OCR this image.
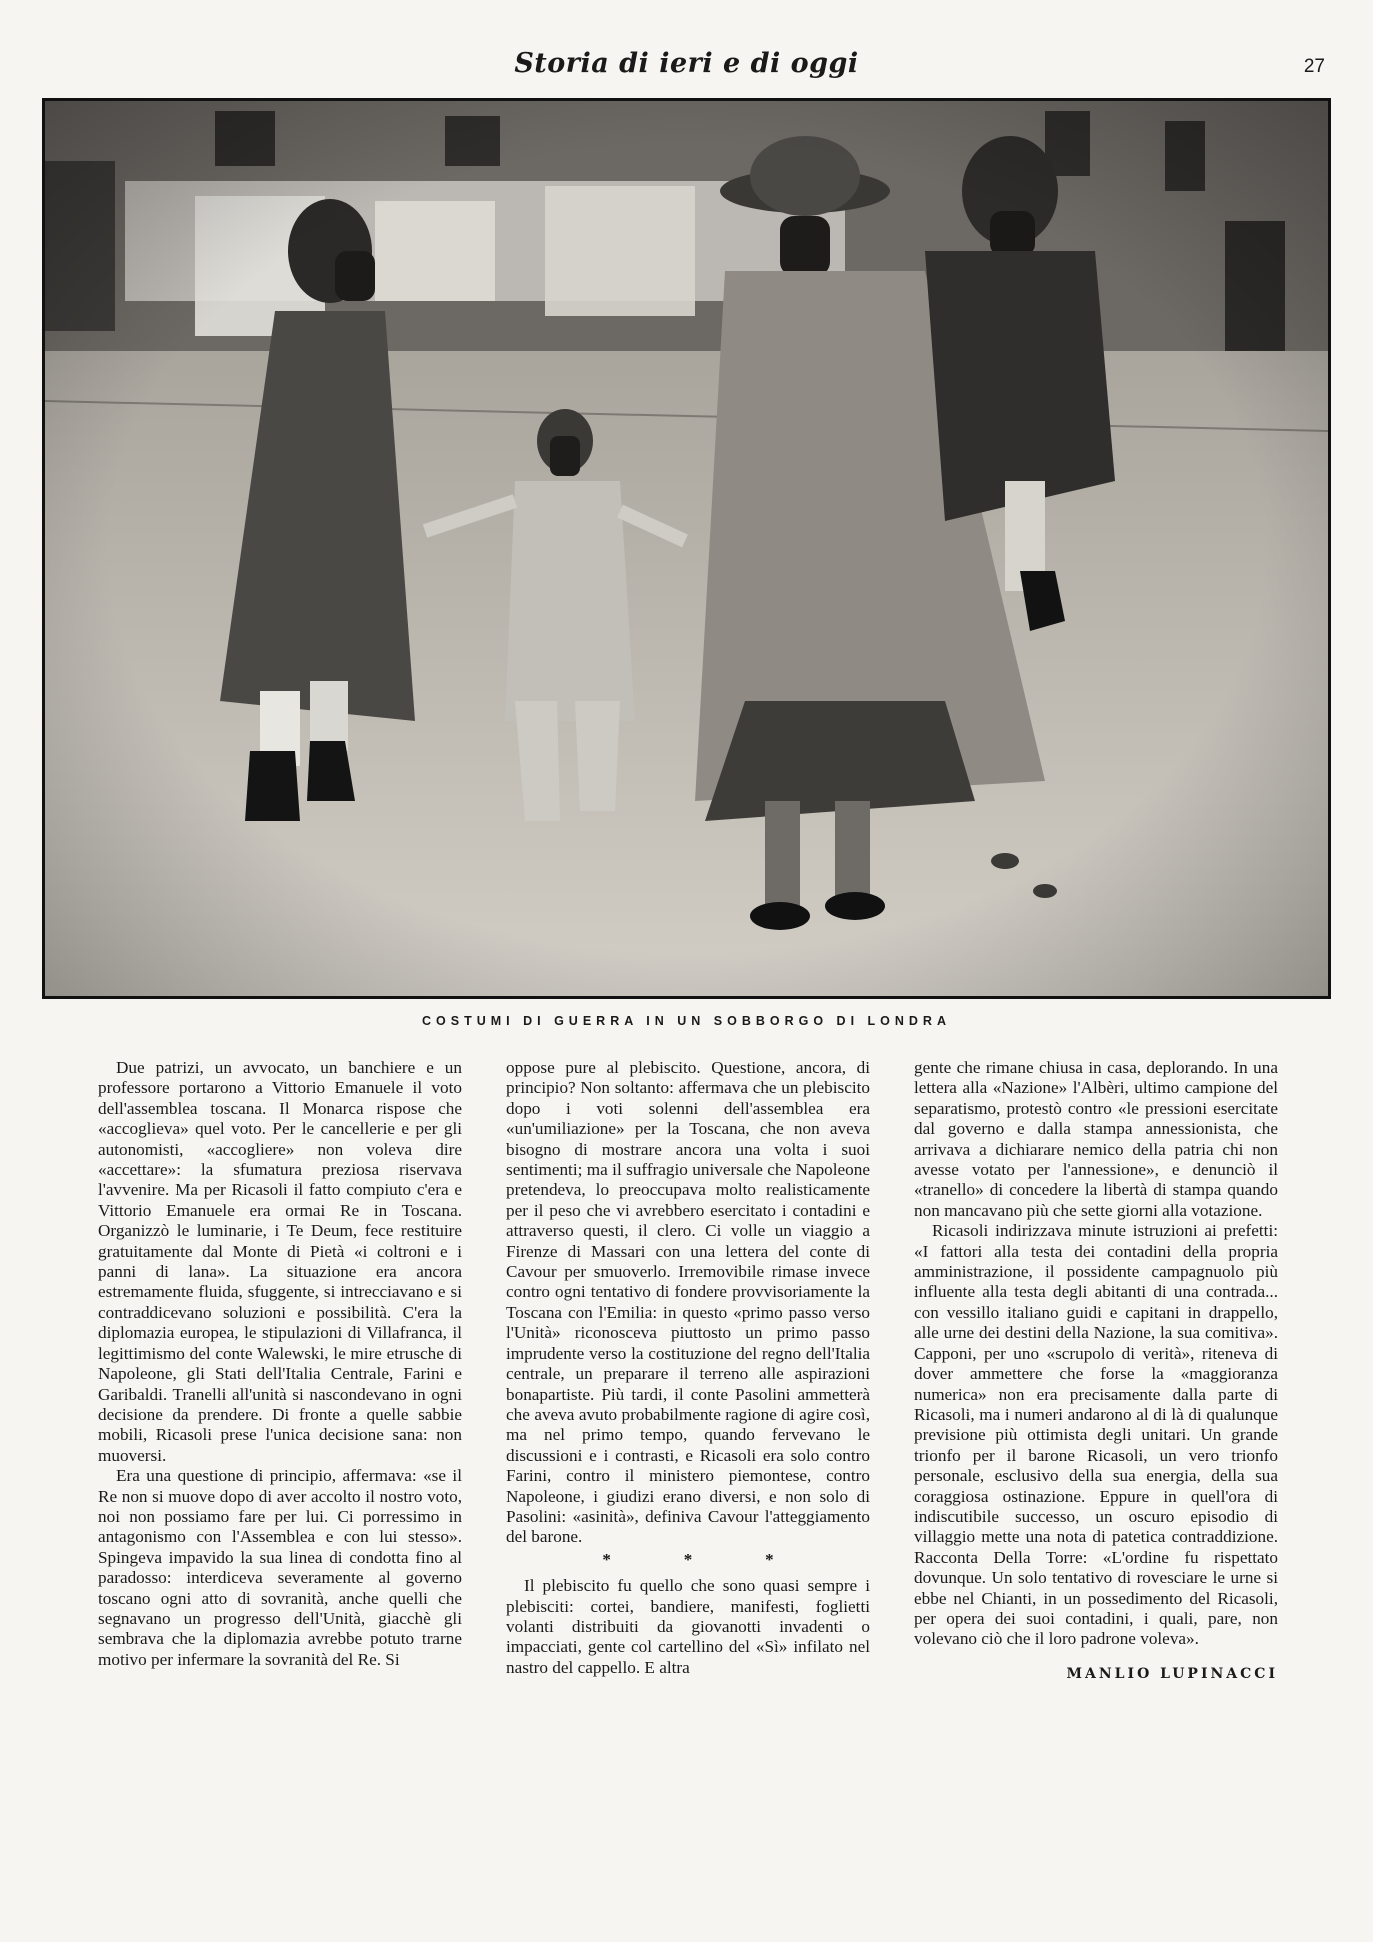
Storia di ieri e di oggi	27
COSTUMI DI GUERRA IN UN SOBBORGO DI LONDRA

Due patrizi, un avvocato, un banchiere e un professore portarono a Vittorio Emanuele il voto dell'assemblea toscana. Il Monarca rispose che «accoglieva» quel voto. Per le cancellerie e per gli autonomisti, «accogliere» non voleva dire «accettare»: la sfumatura preziosa riservava l'avvenire. Ma per Ricasoli il fatto compiuto c'era e Vittorio Emanuele era ormai Re in Toscana. Organizzò le luminarie, i Te Deum, fece restituire gratuitamente dal Monte di Pietà «i coltroni e i panni di lana». La situazione era ancora estremamente fluida, sfuggente, si intrecciavano e si contraddicevano soluzioni e possibilità. C'era la diplomazia europea, le stipulazioni di Villafranca, il legittimismo del conte Walewski, le mire etrusche di Napoleone, gli Stati dell'Italia Centrale, Farini e Garibaldi. Tranelli all'unità si nascondevano in ogni decisione da prendere. Di fronte a quelle sabbie mobili, Ricasoli prese l'unica decisione sana: non muoversi.

Era una questione di principio, affermava: «se il Re non si muove dopo di aver accolto il nostro voto, noi non possiamo fare per lui. Ci porressimo in antagonismo con l'Assemblea e con lui stesso». Spingeva impavido la sua linea di condotta fino al paradosso: interdiceva severamente al governo toscano ogni atto di sovranità, anche quelli che segnavano un progresso dell'Unità, giacchè gli sembrava che la diplomazia avrebbe potuto trarne motivo per infermare la sovranità del Re. Si

oppose pure al plebiscito. Questione, ancora, di principio? Non soltanto: affermava che un plebiscito dopo i voti solenni dell'assemblea era «un'umiliazione» per la Toscana, che non aveva bisogno di mostrare ancora una volta i suoi sentimenti; ma il suffragio universale che Napoleone pretendeva, lo preoccupava molto realisticamente per il peso che vi avrebbero esercitato i contadini e attraverso questi, il clero. Ci volle un viaggio a Firenze di Massari con una lettera del conte di Cavour per smuoverlo. Irremovibile rimase invece contro ogni tentativo di fondere provvisoriamente la Toscana con l'Emilia: in questo «primo passo verso l'Unità» riconosceva piuttosto un primo passo imprudente verso la costituzione del regno dell'Italia centrale, un preparare il terreno alle aspirazioni bonapartiste. Più tardi, il conte Pasolini ammetterà che aveva avuto probabilmente ragione di agire così, ma nel primo tempo, quando fervevano le discussioni e i contrasti, e Ricasoli era solo contro Farini, contro il ministero piemontese, contro Napoleone, i giudizi erano diversi, e non solo di Pasolini: «asinità», definiva Cavour l'atteggiamento del barone.

*	*	*

Il plebiscito fu quello che sono quasi sempre i plebisciti: cortei, bandiere, manifesti, foglietti volanti distribuiti da giovanotti invadenti o impacciati, gente col cartellino del «Sì» infilato nel nastro del cappello. E altra

gente che rimane chiusa in casa, deplorando. In una lettera alla «Nazione» l'Albèri, ultimo campione del separatismo, protestò contro «le pressioni esercitate dal governo e dalla stampa annessionista, che arrivava a dichiarare nemico della patria chi non avesse votato per l'annessione», e denunciò il «tranello» di concedere la libertà di stampa quando non mancavano più che sette giorni alla votazione.

Ricasoli indirizzava minute istruzioni ai prefetti: «I fattori alla testa dei contadini della propria amministrazione, il possidente campagnuolo più influente alla testa degli abitanti di una contrada... con vessillo italiano guidi e capitani in drappello, alle urne dei destini della Nazione, la sua comitiva». Capponi, per uno «scrupolo di verità», riteneva di dover ammettere che forse la «maggioranza numerica» non era precisamente dalla parte di Ricasoli, ma i numeri andarono al di là di qualunque previsione più ottimista degli unitari. Un grande trionfo per il barone Ricasoli, un vero trionfo personale, esclusivo della sua energia, della sua coraggiosa ostinazione. Eppure in quell'ora di indiscutibile successo, un oscuro episodio di villaggio mette una nota di patetica contraddizione. Racconta Della Torre: «L'ordine fu rispettato dovunque. Un solo tentativo di rovesciare le urne si ebbe nel Chianti, in un possedimento del Ricasoli, per opera dei suoi contadini, i quali, pare, non volevano ciò che il loro padrone voleva».

MANLIO LUPINACCI
